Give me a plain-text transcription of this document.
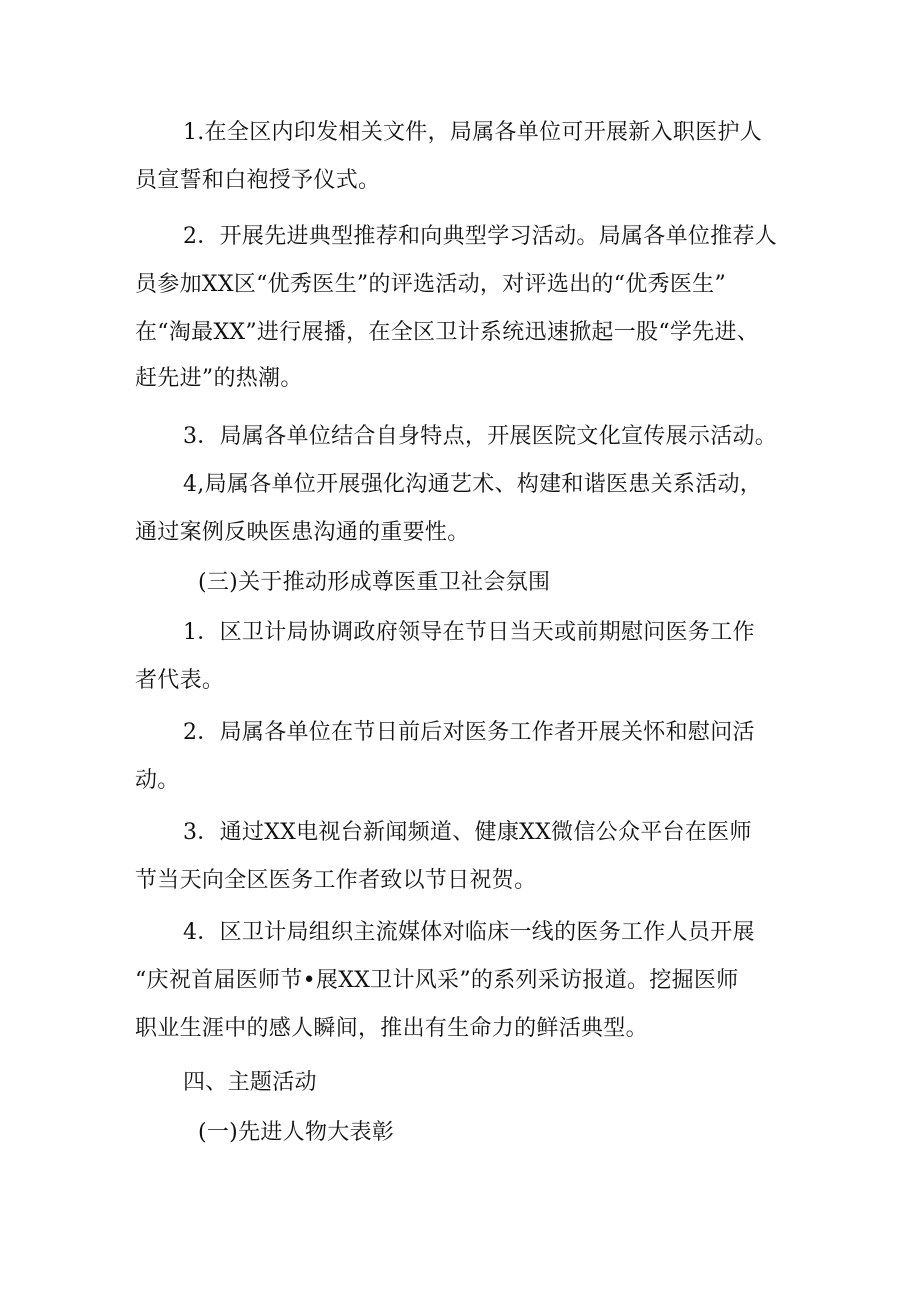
1.在全区内印发相关文件，局属各单位可开展新入职医护人

员宣誓和白袍授予仪式。

2．开展先进典型推荐和向典型学习活动。局属各单位推荐人

员参加XX区“优秀医生”的评选活动，对评选出的“优秀医生”

在“淘最XX”进行展播，在全区卫计系统迅速掀起一股“学先进、

赶先进”的热潮。

3．局属各单位结合自身特点，开展医院文化宣传展示活动。

4,局属各单位开展强化沟通艺术、构建和谐医患关系活动，

通过案例反映医患沟通的重要性。

(三)关于推动形成尊医重卫社会氛围

1．区卫计局协调政府领导在节日当天或前期慰问医务工作

者代表。

2．局属各单位在节日前后对医务工作者开展关怀和慰问活

动。

3．通过XX电视台新闻频道、健康XX微信公众平台在医师

节当天向全区医务工作者致以节日祝贺。

4．区卫计局组织主流媒体对临床一线的医务工作人员开展

“庆祝首届医师节•展XX卫计风采”的系列采访报道。挖掘医师

职业生涯中的感人瞬间，推出有生命力的鲜活典型。

四、主题活动

(一)先进人物大表彰
